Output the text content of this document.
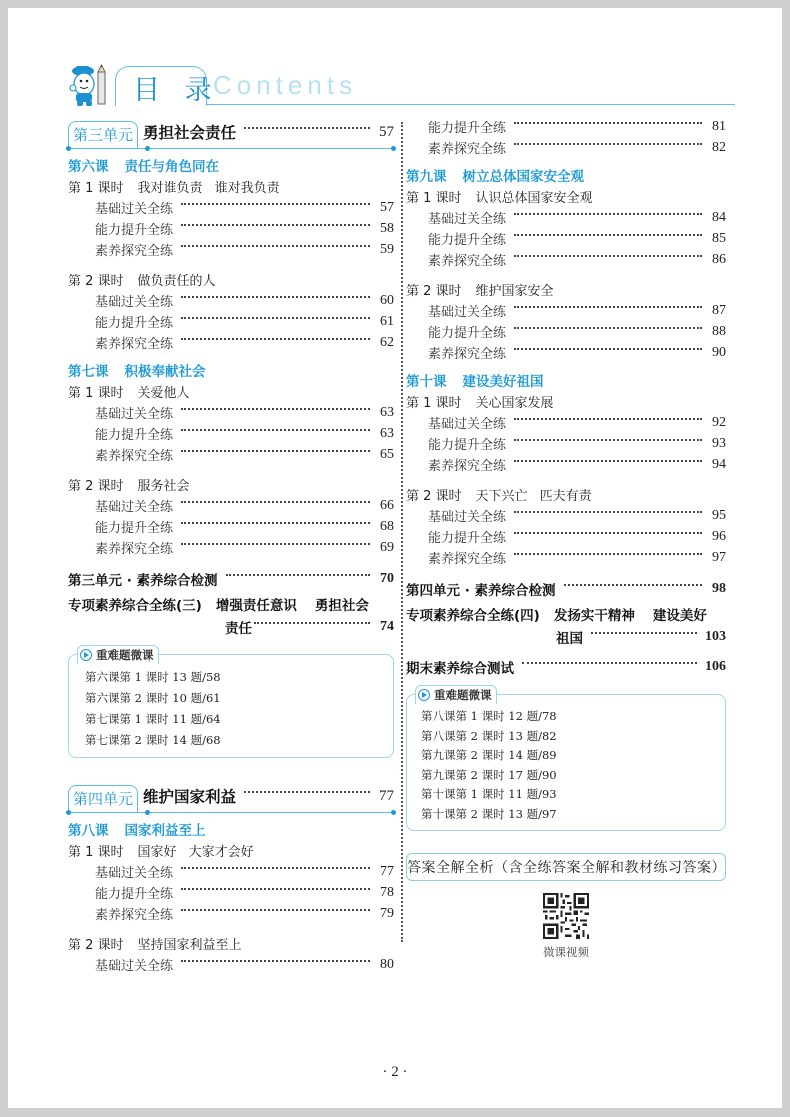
目 录
Contents
第三单元 勇担社会责任	57
第六课 责任与角色同在
第 1 课时 我对谁负责 谁对我负责
基础过关全练	57
能力提升全练	58
素养探究全练	59
第 2 课时 做负责任的人
基础过关全练	60
能力提升全练	61
素养探究全练	62
第七课 积极奉献社会
第 1 课时 关爱他人
基础过关全练	63
能力提升全练	63
素养探究全练	65
第 2 课时 服务社会
基础过关全练	66
能力提升全练	68
素养探究全练	69
第三单元 · 素养综合检测	70
专项素养综合全练(三) 增强责任意识 勇担社会
责任	74
重难题微课
第六课第 1 课时 13 题/58
第六课第 2 课时 10 题/61
第七课第 1 课时 11 题/64
第七课第 2 课时 14 题/68
第四单元 维护国家利益	77
第八课 国家利益至上
第 1 课时 国家好 大家才会好
基础过关全练	77
能力提升全练	78
素养探究全练	79
第 2 课时 坚持国家利益至上
基础过关全练	80
能力提升全练	81
素养探究全练	82
第九课 树立总体国家安全观
第 1 课时 认识总体国家安全观
基础过关全练	84
能力提升全练	85
素养探究全练	86
第 2 课时 维护国家安全
基础过关全练	87
能力提升全练	88
素养探究全练	90
第十课 建设美好祖国
第 1 课时 关心国家发展
基础过关全练	92
能力提升全练	93
素养探究全练	94
第 2 课时 天下兴亡 匹夫有责
基础过关全练	95
能力提升全练	96
素养探究全练	97
第四单元 · 素养综合检测	98
专项素养综合全练(四) 发扬实干精神 建设美好
祖国	103
期末素养综合测试	106
重难题微课
第八课第 1 课时 12 题/78
第八课第 2 课时 13 题/82
第九课第 2 课时 14 题/89
第九课第 2 课时 17 题/90
第十课第 1 课时 11 题/93
第十课第 2 课时 13 题/97
答案全解全析（含全练答案全解和教材练习答案）
微课视频
· 2 ·
